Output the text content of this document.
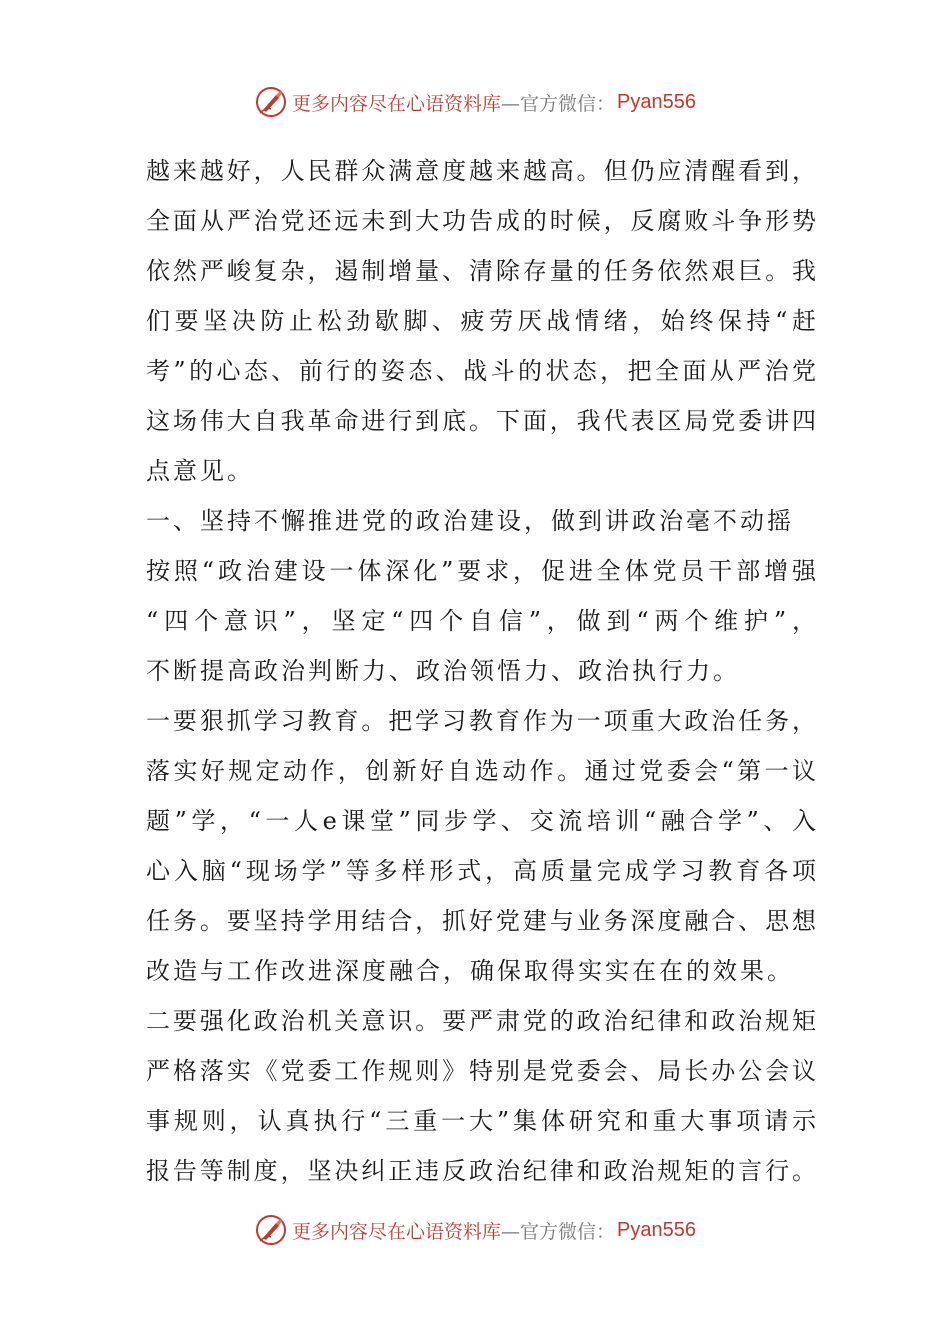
更多内容尽在心语资料库 —官方微信： Pyan556
越来越好，人民群众满意度越来越高。但仍应清醒看到，
全面从严治党还远未到大功告成的时候，反腐败斗争形势
依然严峻复杂，遏制增量、清除存量的任务依然艰巨。我
们要坚决防止松劲歇脚、疲劳厌战情绪，始终保持“赶
考”的心态、前行的姿态、战斗的状态，把全面从严治党
这场伟大自我革命进行到底。下面，我代表区局党委讲四
点意见。
一、坚持不懈推进党的政治建设，做到讲政治毫不动摇
按照“政治建设一体深化”要求，促进全体党员干部增强
“四个意识”，坚定“四个自信”，做到“两个维护”，
不断提高政治判断力、政治领悟力、政治执行力。
一要狠抓学习教育。把学习教育作为一项重大政治任务，
落实好规定动作，创新好自选动作。通过党委会“第一议
题”学，“一人e课堂”同步学、交流培训“融合学”、入
心入脑“现场学”等多样形式，高质量完成学习教育各项
任务。要坚持学用结合，抓好党建与业务深度融合、思想
改造与工作改进深度融合，确保取得实实在在的效果。
二要强化政治机关意识。要严肃党的政治纪律和政治规矩
严格落实《党委工作规则》特别是党委会、局长办公会议
事规则，认真执行“三重一大”集体研究和重大事项请示
报告等制度，坚决纠正违反政治纪律和政治规矩的言行。
更多内容尽在心语资料库 —官方微信： Pyan556
